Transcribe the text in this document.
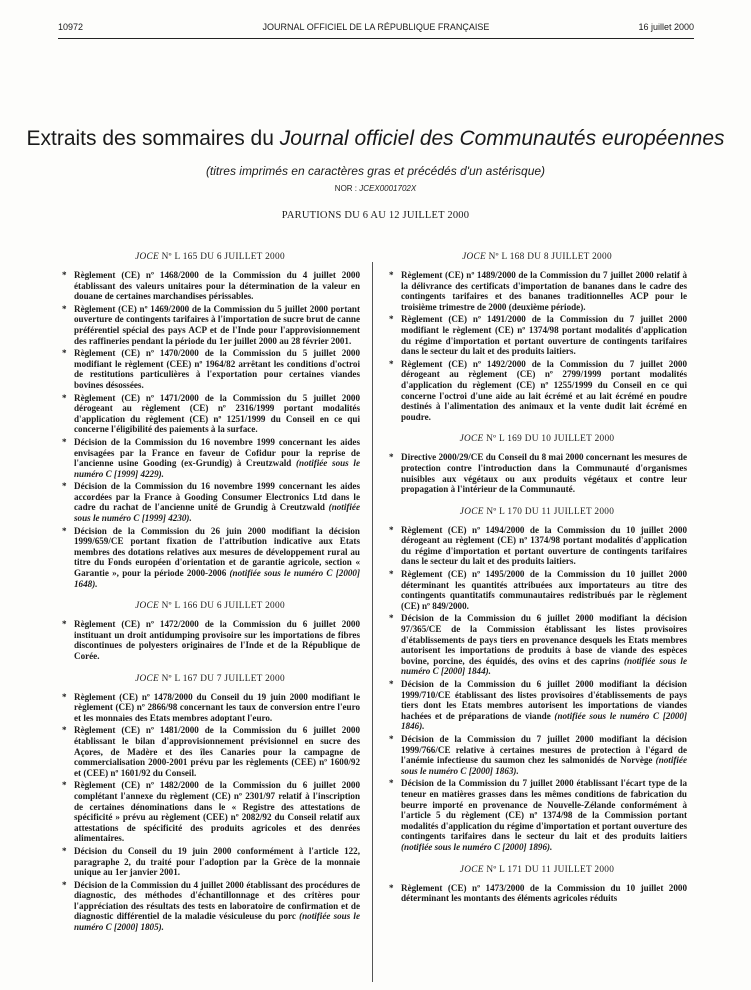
10972	JOURNAL OFFICIEL DE LA RÉPUBLIQUE FRANÇAISE	16 juillet 2000
Extraits des sommaires du Journal officiel des Communautés européennes
(titres imprimés en caractères gras et précédés d'un astérisque)
NOR : JCEX0001702X
PARUTIONS DU 6 AU 12 JUILLET 2000
JOCE Nº L 165 DU 6 JUILLET 2000
* Règlement (CE) nº 1468/2000 de la Commission du 4 juillet 2000 établissant des valeurs unitaires pour la détermination de la valeur en douane de certaines marchandises périssables.
* Règlement (CE) nº 1469/2000 de la Commission du 5 juillet 2000 portant ouverture de contingents tarifaires à l'importation de sucre brut de canne préférentiel spécial des pays ACP et de l'Inde pour l'approvisionnement des raffineries pendant la période du 1er juillet 2000 au 28 février 2001.
* Règlement (CE) nº 1470/2000 de la Commission du 5 juillet 2000 modifiant le règlement (CEE) nº 1964/82 arrêtant les conditions d'octroi de restitutions particulières à l'exportation pour certaines viandes bovines désossées.
* Règlement (CE) nº 1471/2000 de la Commission du 5 juillet 2000 dérogeant au règlement (CE) nº 2316/1999 portant modalités d'application du règlement (CE) nº 1251/1999 du Conseil en ce qui concerne l'éligibilité des paiements à la surface.
* Décision de la Commission du 16 novembre 1999 concernant les aides envisagées par la France en faveur de Cofidur pour la reprise de l'ancienne usine Gooding (ex-Grundig) à Creutzwald (notifiée sous le numéro C [1999] 4229).
* Décision de la Commission du 16 novembre 1999 concernant les aides accordées par la France à Gooding Consumer Electronics Ltd dans le cadre du rachat de l'ancienne unité de Grundig à Creutzwald (notifiée sous le numéro C [1999] 4230).
* Décision de la Commission du 26 juin 2000 modifiant la décision 1999/659/CE portant fixation de l'attribution indicative aux Etats membres des dotations relatives aux mesures de développement rural au titre du Fonds européen d'orientation et de garantie agricole, section « Garantie », pour la période 2000-2006 (notifiée sous le numéro C [2000] 1648).
JOCE Nº L 166 DU 6 JUILLET 2000
* Règlement (CE) nº 1472/2000 de la Commission du 6 juillet 2000 instituant un droit antidumping provisoire sur les importations de fibres discontinues de polyesters originaires de l'Inde et de la République de Corée.
JOCE Nº L 167 DU 7 JUILLET 2000
* Règlement (CE) nº 1478/2000 du Conseil du 19 juin 2000 modifiant le règlement (CE) nº 2866/98 concernant les taux de conversion entre l'euro et les monnaies des Etats membres adoptant l'euro.
* Règlement (CE) nº 1481/2000 de la Commission du 6 juillet 2000 établissant le bilan d'approvisionnement prévisionnel en sucre des Açores, de Madère et des îles Canaries pour la campagne de commercialisation 2000-2001 prévu par les règlements (CEE) nº 1600/92 et (CEE) nº 1601/92 du Conseil.
* Règlement (CE) nº 1482/2000 de la Commission du 6 juillet 2000 complétant l'annexe du règlement (CE) nº 2301/97 relatif à l'inscription de certaines dénominations dans le « Registre des attestations de spécificité » prévu au règlement (CEE) nº 2082/92 du Conseil relatif aux attestations de spécificité des produits agricoles et des denrées alimentaires.
* Décision du Conseil du 19 juin 2000 conformément à l'article 122, paragraphe 2, du traité pour l'adoption par la Grèce de la monnaie unique au 1er janvier 2001.
* Décision de la Commission du 4 juillet 2000 établissant des procédures de diagnostic, des méthodes d'échantillonnage et des critères pour l'appréciation des résultats des tests en laboratoire de confirmation et de diagnostic différentiel de la maladie vésiculeuse du porc (notifiée sous le numéro C [2000] 1805).
JOCE Nº L 168 DU 8 JUILLET 2000
* Règlement (CE) nº 1489/2000 de la Commission du 7 juillet 2000 relatif à la délivrance des certificats d'importation de bananes dans le cadre des contingents tarifaires et des bananes traditionnelles ACP pour le troisième trimestre de 2000 (deuxième période).
* Règlement (CE) nº 1491/2000 de la Commission du 7 juillet 2000 modifiant le règlement (CE) nº 1374/98 portant modalités d'application du régime d'importation et portant ouverture de contingents tarifaires dans le secteur du lait et des produits laitiers.
* Règlement (CE) nº 1492/2000 de la Commission du 7 juillet 2000 dérogeant au règlement (CE) nº 2799/1999 portant modalités d'application du règlement (CE) nº 1255/1999 du Conseil en ce qui concerne l'octroi d'une aide au lait écrémé et au lait écrémé en poudre destinés à l'alimentation des animaux et la vente dudit lait écrémé en poudre.
JOCE Nº L 169 DU 10 JUILLET 2000
* Directive 2000/29/CE du Conseil du 8 mai 2000 concernant les mesures de protection contre l'introduction dans la Communauté d'organismes nuisibles aux végétaux ou aux produits végétaux et contre leur propagation à l'intérieur de la Communauté.
JOCE Nº L 170 DU 11 JUILLET 2000
* Règlement (CE) nº 1494/2000 de la Commission du 10 juillet 2000 dérogeant au règlement (CE) nº 1374/98 portant modalités d'application du régime d'importation et portant ouverture de contingents tarifaires dans le secteur du lait et des produits laitiers.
* Règlement (CE) nº 1495/2000 de la Commission du 10 juillet 2000 déterminant les quantités attribuées aux importateurs au titre des contingents quantitatifs communautaires redistribués par le règlement (CE) nº 849/2000.
* Décision de la Commission du 6 juillet 2000 modifiant la décision 97/365/CE de la Commission établissant les listes provisoires d'établissements de pays tiers en provenance desquels les Etats membres autorisent les importations de produits à base de viande des espèces bovine, porcine, des équidés, des ovins et des caprins (notifiée sous le numéro C [2000] 1844).
* Décision de la Commission du 6 juillet 2000 modifiant la décision 1999/710/CE établissant des listes provisoires d'établissements de pays tiers dont les Etats membres autorisent les importations de viandes hachées et de préparations de viande (notifiée sous le numéro C [2000] 1846).
* Décision de la Commission du 7 juillet 2000 modifiant la décision 1999/766/CE relative à certaines mesures de protection à l'égard de l'anémie infectieuse du saumon chez les salmonidés de Norvège (notifiée sous le numéro C [2000] 1863).
* Décision de la Commission du 7 juillet 2000 établissant l'écart type de la teneur en matières grasses dans les mêmes conditions de fabrication du beurre importé en provenance de Nouvelle-Zélande conformément à l'article 5 du règlement (CE) nº 1374/98 de la Commission portant modalités d'application du régime d'importation et portant ouverture des contingents tarifaires dans le secteur du lait et des produits laitiers (notifiée sous le numéro C [2000] 1896).
JOCE Nº L 171 DU 11 JUILLET 2000
* Règlement (CE) nº 1473/2000 de la Commission du 10 juillet 2000 déterminant les montants des éléments agricoles réduits
